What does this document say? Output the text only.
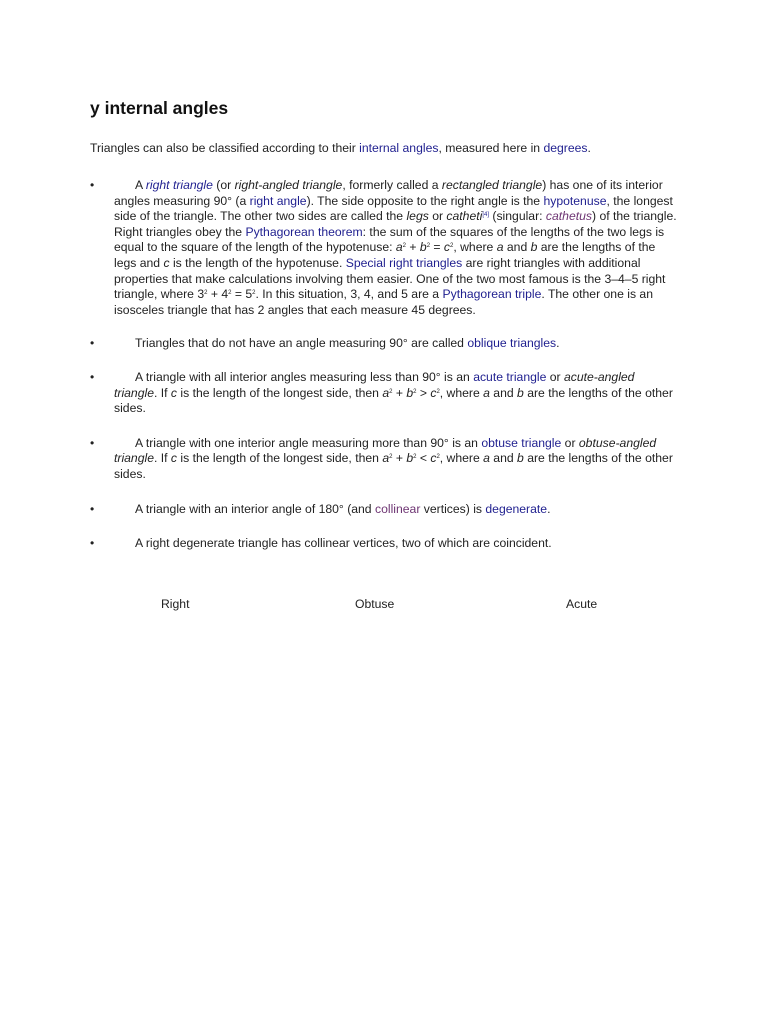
y internal angles

Triangles can also be classified according to their internal angles, measured here in degrees.

•	A right triangle (or right-angled triangle, formerly called a rectangled triangle) has one of its interior angles measuring 90° (a right angle). The side opposite to the right angle is the hypotenuse, the longest side of the triangle. The other two sides are called the legs or catheti[4] (singular: cathetus) of the triangle. Right triangles obey the Pythagorean theorem: the sum of the squares of the lengths of the two legs is equal to the square of the length of the hypotenuse: $a^2 + b^2 = c^2$, where a and b are the lengths of the legs and c is the length of the hypotenuse. Special right triangles are right triangles with additional properties that make calculations involving them easier. One of the two most famous is the 3–4–5 right triangle, where $3^2 + 4^2 = 5^2$. In this situation, 3, 4, and 5 are a Pythagorean triple. The other one is an isosceles triangle that has 2 angles that each measure 45 degrees.
•	Triangles that do not have an angle measuring 90° are called oblique triangles.
•	A triangle with all interior angles measuring less than 90° is an acute triangle or acute-angled triangle. If c is the length of the longest side, then $a^2 + b^2 > c^2$, where a and b are the lengths of the other sides.
•	A triangle with one interior angle measuring more than 90° is an obtuse triangle or obtuse-angled triangle. If c is the length of the longest side, then $a^2 + b^2 < c^2$, where a and b are the lengths of the other sides.
•	A triangle with an interior angle of 180° (and collinear vertices) is degenerate.
•	A right degenerate triangle has collinear vertices, two of which are coincident.
Right	Obtuse	Acute
